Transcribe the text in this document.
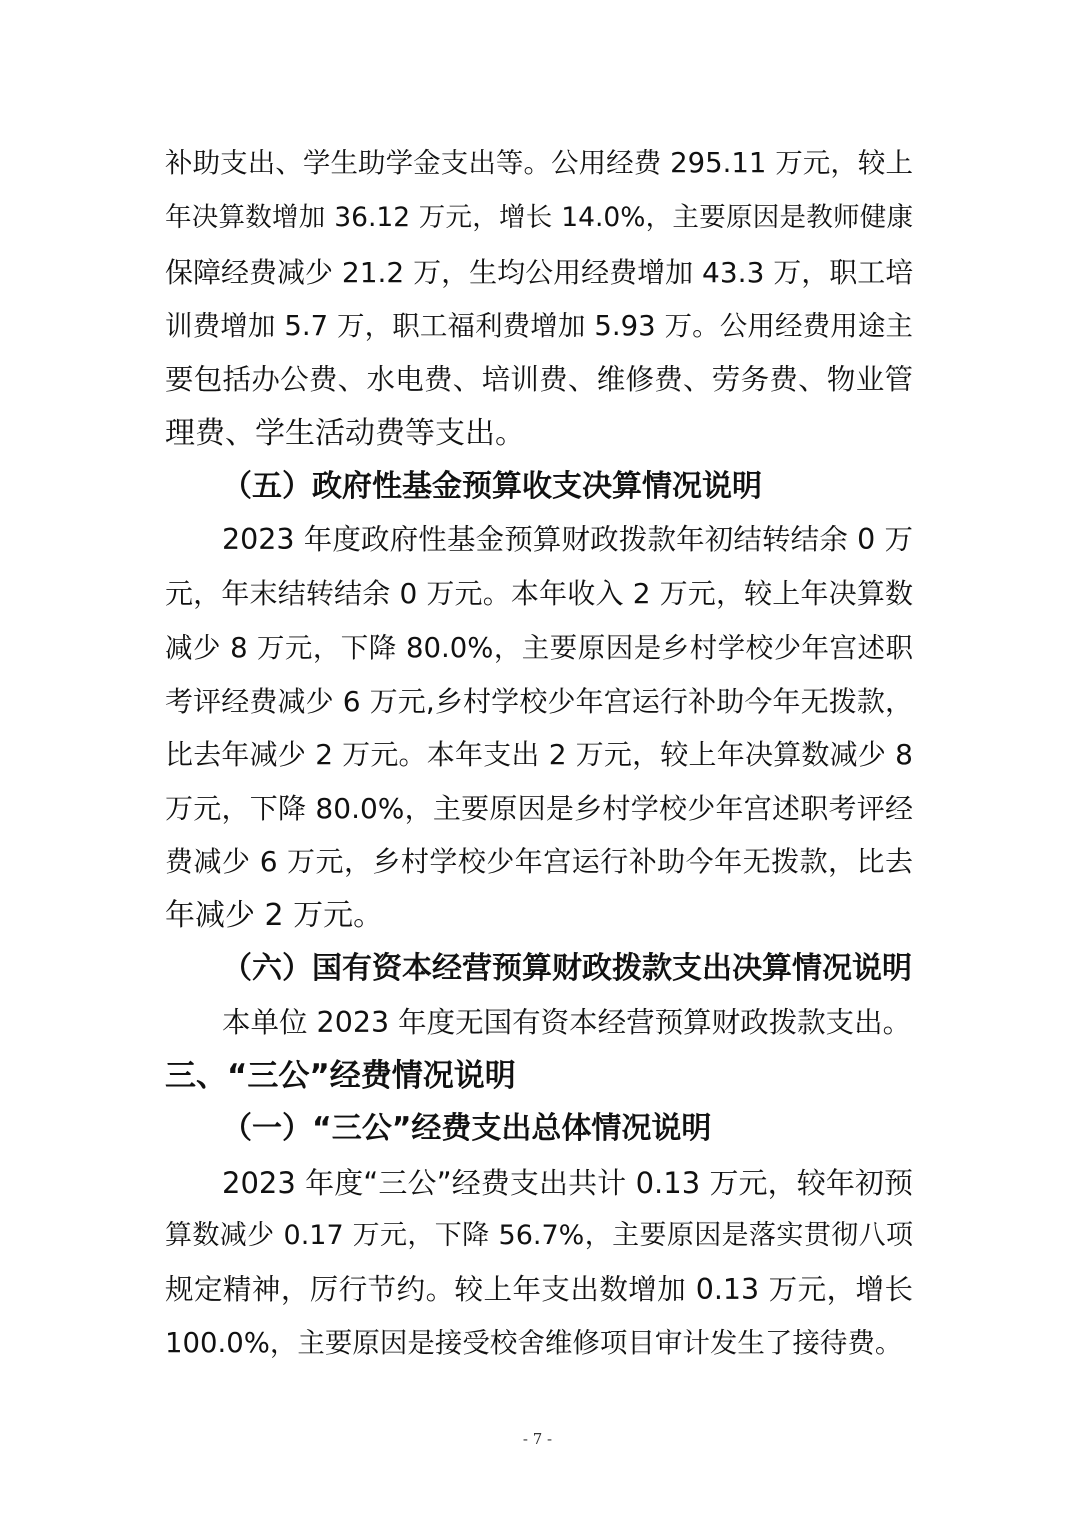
补助支出、学生助学金支出等。公用经费 295.11 万元，较上
年决算数增加 36.12 万元，增长 14.0%，主要原因是教师健康
保障经费减少 21.2 万，生均公用经费增加 43.3 万，职工培
训费增加 5.7 万，职工福利费增加 5.93 万。公用经费用途主
要包括办公费、水电费、培训费、维修费、劳务费、物业管
理费、学生活动费等支出。
（五）政府性基金预算收支决算情况说明
2023 年度政府性基金预算财政拨款年初结转结余 0 万
元，年末结转结余 0 万元。本年收入 2 万元，较上年决算数
减少 8 万元，下降 80.0%，主要原因是乡村学校少年宫述职
考评经费减少 6 万元,乡村学校少年宫运行补助今年无拨款，
比去年减少 2 万元。本年支出 2 万元，较上年决算数减少 8
万元，下降 80.0%，主要原因是乡村学校少年宫述职考评经
费减少 6 万元，乡村学校少年宫运行补助今年无拨款，比去
年减少 2 万元。
（六）国有资本经营预算财政拨款支出决算情况说明
本单位 2023 年度无国有资本经营预算财政拨款支出。
三、“三公”经费情况说明
（一）“三公”经费支出总体情况说明
2023 年度“三公”经费支出共计 0.13 万元，较年初预
算数减少 0.17 万元，下降 56.7%，主要原因是落实贯彻八项
规定精神，厉行节约。较上年支出数增加 0.13 万元，增长
100.0%，主要原因是接受校舍维修项目审计发生了接待费。
- 7 -
